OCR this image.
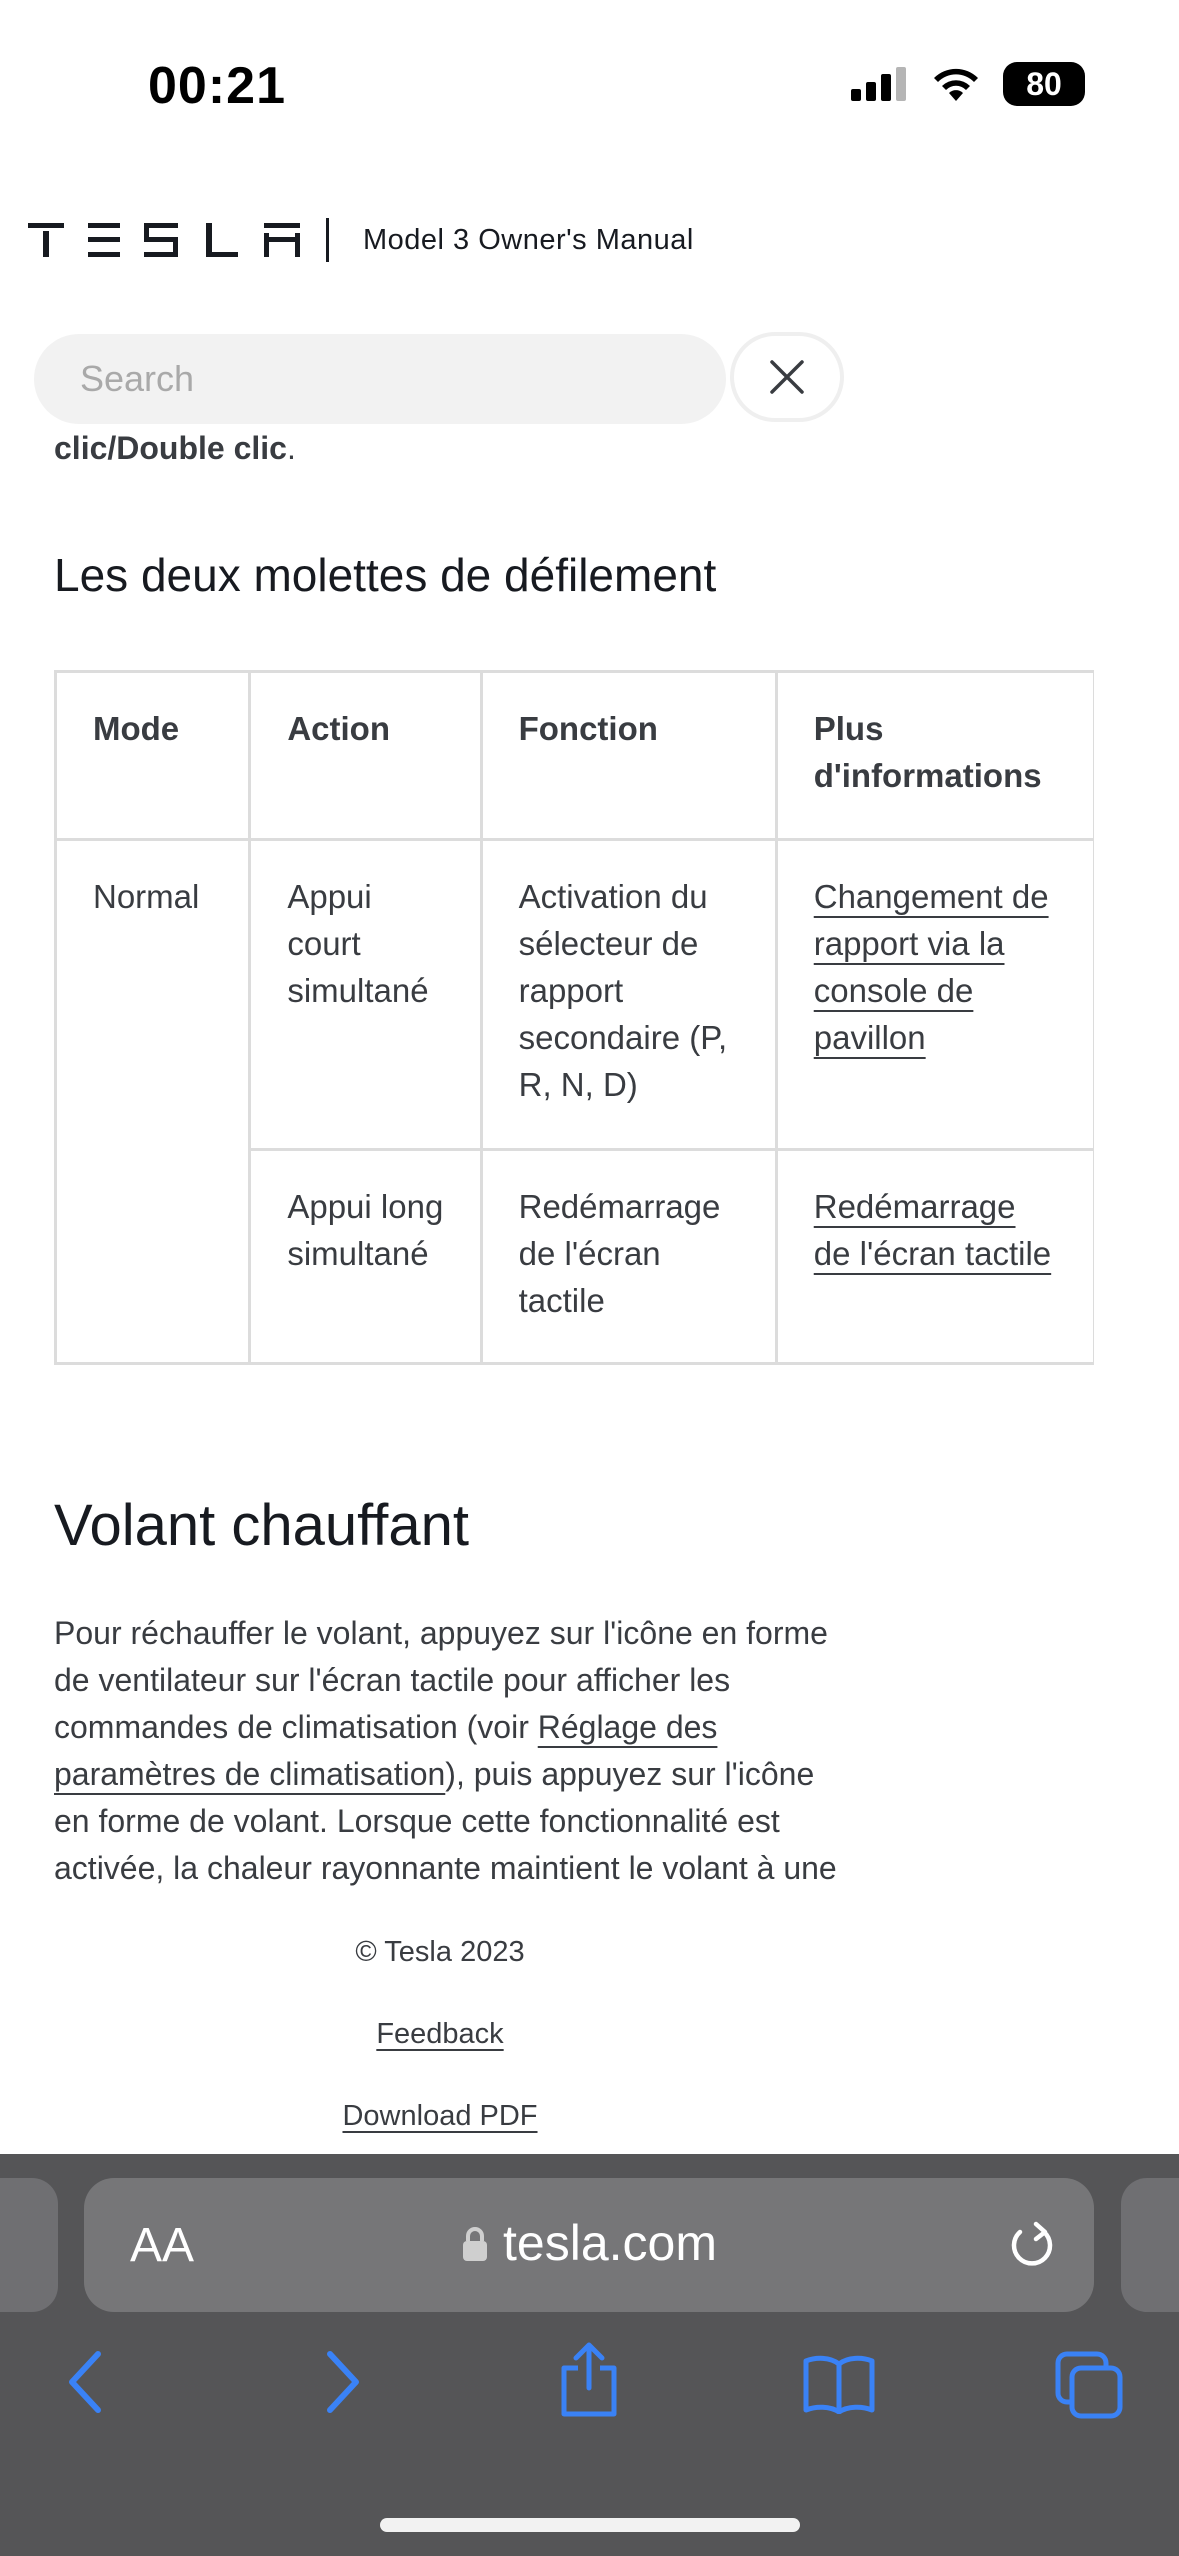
00:21	80
Model 3 Owner's Manual
Search
clic/Double clic.
Les deux molettes de défilement
Mode	Action	Fonction	Plus d'informations
Normal	Appui court simultané	Activation du sélecteur de rapport secondaire (P, R, N, D)	Changement de rapport via la console de pavillon
	Appui long simultané	Redémarrage de l'écran tactile	Redémarrage de l'écran tactile
Volant chauffant
Pour réchauffer le volant, appuyez sur l'icône en forme de ventilateur sur l'écran tactile pour afficher les commandes de climatisation (voir Réglage des paramètres de climatisation), puis appuyez sur l'icône en forme de volant. Lorsque cette fonctionnalité est activée, la chaleur rayonnante maintient le volant à une
© Tesla 2023
Feedback
Download PDF
AA	tesla.com
